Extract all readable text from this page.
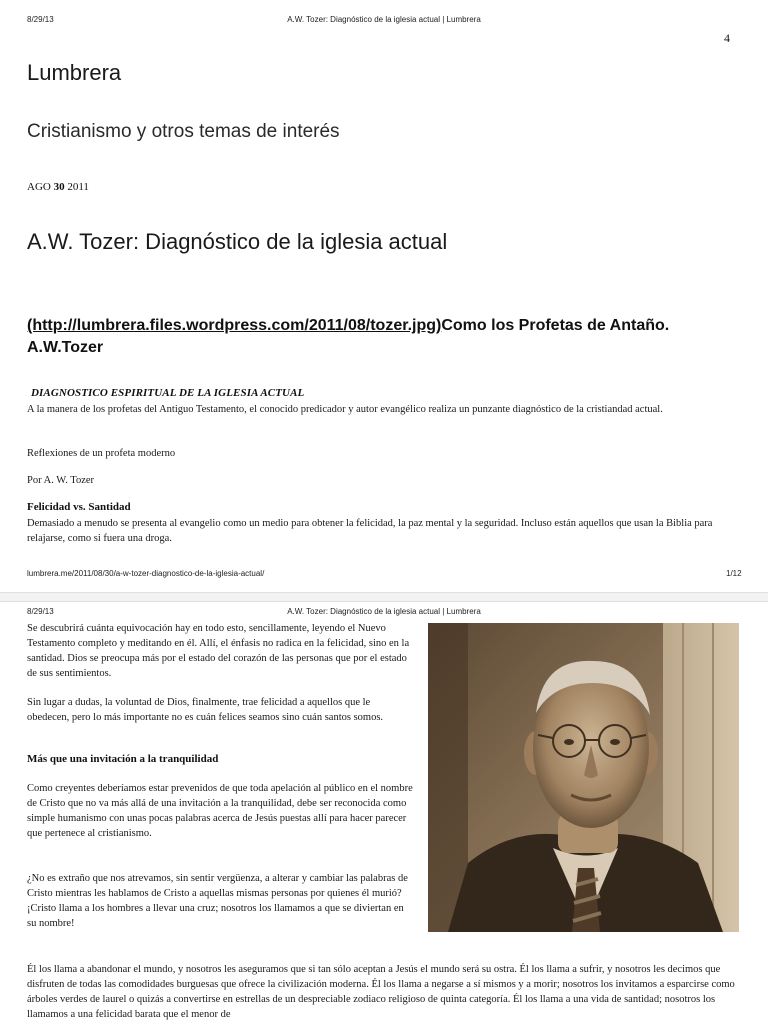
8/29/13	A.W. Tozer: Diagnóstico de la iglesia actual | Lumbrera
4
Lumbrera
Cristianismo y otros temas de interés
AGO 30 2011
A.W. Tozer: Diagnóstico de la iglesia actual
(http://lumbrera.files.wordpress.com/2011/08/tozer.jpg)Como los Profetas de Antaño. A.W.Tozer
DIAGNOSTICO ESPIRITUAL DE LA IGLESIA ACTUAL
A la manera de los profetas del Antiguo Testamento, el conocido predicador y autor evangélico realiza un punzante diagnóstico de la cristiandad actual.
Reflexiones de un profeta moderno
Por A. W. Tozer
Felicidad vs. Santidad
Demasiado a menudo se presenta al evangelio como un medio para obtener la felicidad, la paz mental y la seguridad. Incluso están aquellos que usan la Biblia para relajarse, como si fuera una droga.
lumbrera.me/2011/08/30/a-w-tozer-diagnostico-de-la-iglesia-actual/	1/12
8/29/13	A.W. Tozer: Diagnóstico de la iglesia actual | Lumbrera
Se descubrirá cuánta equivocación hay en todo esto, sencillamente, leyendo el Nuevo Testamento completo y meditando en él. Allí, el énfasis no radica en la felicidad, sino en la santidad. Dios se preocupa más por el estado del corazón de las personas que por el estado de sus sentimientos.
Sin lugar a dudas, la voluntad de Dios, finalmente, trae felicidad a aquellos que le obedecen, pero lo más importante no es cuán felices seamos sino cuán santos somos.
Más que una invitación a la tranquilidad
Como creyentes deberíamos estar prevenidos de que toda apelación al público en el nombre de Cristo que no va más allá de una invitación a la tranquilidad, debe ser reconocida como simple humanismo con unas pocas palabras acerca de Jesús puestas allí para hacer parecer que pertenece al cristianismo.
¿No es extraño que nos atrevamos, sin sentir vergüenza, a alterar y cambiar las palabras de Cristo mientras les hablamos de Cristo a aquellas mismas personas por quienes él murió? ¡Cristo llama a los hombres a llevar una cruz; nosotros los llamamos a que se diviertan en su nombre!
Él los llama a abandonar el mundo, y nosotros les aseguramos que si tan sólo aceptan a Jesús el mundo será su ostra. Él los llama a sufrir, y nosotros les decimos que disfruten de todas las comodidades burguesas que ofrece la civilización moderna. Él los llama a negarse a sí mismos y a morir; nosotros los invitamos a esparcirse como árboles verdes de laurel o quizás a convertirse en estrellas de un despreciable zodiaco religioso de quinta categoría. Él los llama a una vida de santidad; nosotros los llamamos a una felicidad barata que el menor de
